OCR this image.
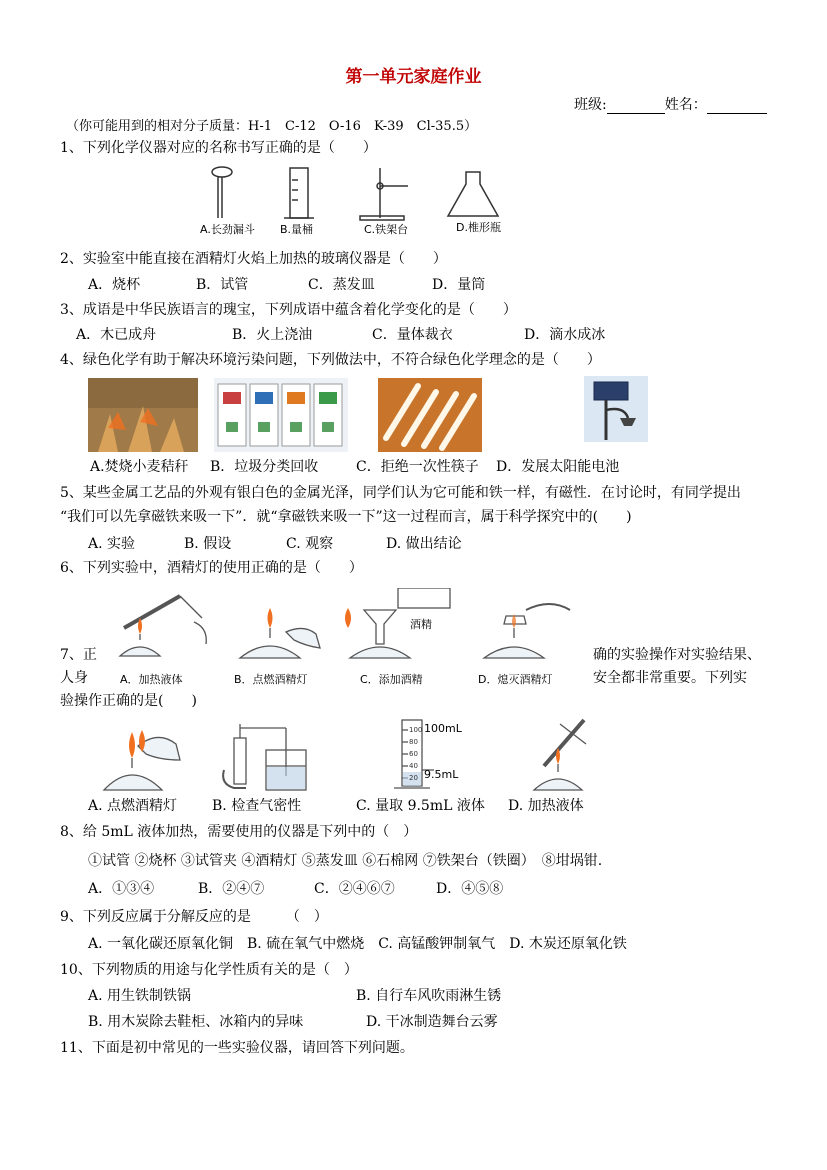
第一单元家庭作业
班级:	姓名：
（你可能用到的相对分子质量：H-1　C-12　O-16　K-39　Cl-35.5）
1、下列化学仪器对应的名称书写正确的是（　　）
A.长劲漏斗 B.量桶	C.铁架台	D.椎形瓶
2、实验室中能直接在酒精灯火焰上加热的玻璃仪器是（　　）
A．烧杯	B．试管	C．蒸发皿	D．量筒
3、成语是中华民族语言的瑰宝，下列成语中蕴含着化学变化的是（　　）
A．木已成舟	B．火上浇油	C．量体裁衣	D．滴水成冰
4、绿色化学有助于解决环境污染问题，下列做法中，不符合绿色化学理念的是（　　）
A.焚烧小麦秸秆 B．垃圾分类回收	C．拒绝一次性筷子 D．发展太阳能电池
5、某些金属工艺品的外观有银白色的金属光泽，同学们认为它可能和铁一样，有磁性．在讨论时，有同学提出
“我们可以先拿磁铁来吸一下”．就“拿磁铁来吸一下”这一过程而言，属于科学探究中的(　　)
A. 实验	B. 假设	C. 观察	D. 做出结论
6、下列实验中，酒精灯的使用正确的是（　　）
酒精
A．加热液体	B．点燃酒精灯	C．添加酒精	D．熄灭酒精灯
7、正
人身
确的实验操作对实验结果、
安全都非常重要。下列实
验操作正确的是(　　)
100
80
60
40
20
100mL
9.5mL
A. 点燃酒精灯 B. 检查气密性	C. 量取 9.5mL 液体 D. 加热液体
8、给 5mL 液体加热，需要使用的仪器是下列中的（　）
①试管 ②烧杯 ③试管夹 ④酒精灯 ⑤蒸发皿 ⑥石棉网 ⑦铁架台（铁圈）　⑧坩埚钳.
A．①③④	B．②④⑦	C．②④⑥⑦	D．④⑤⑧
9、下列反应属于分解反应的是　　　（　）
A. 一氧化碳还原氧化铜　B. 硫在氧气中燃烧　C. 高锰酸钾制氧气　D. 木炭还原氧化铁
10、下列物质的用途与化学性质有关的是（　）
A. 用生铁制铁锅	B. 自行车风吹雨淋生锈
B. 用木炭除去鞋柜、冰箱内的异味	D. 干冰制造舞台云雾
11、下面是初中常见的一些实验仪器，请回答下列问题。
